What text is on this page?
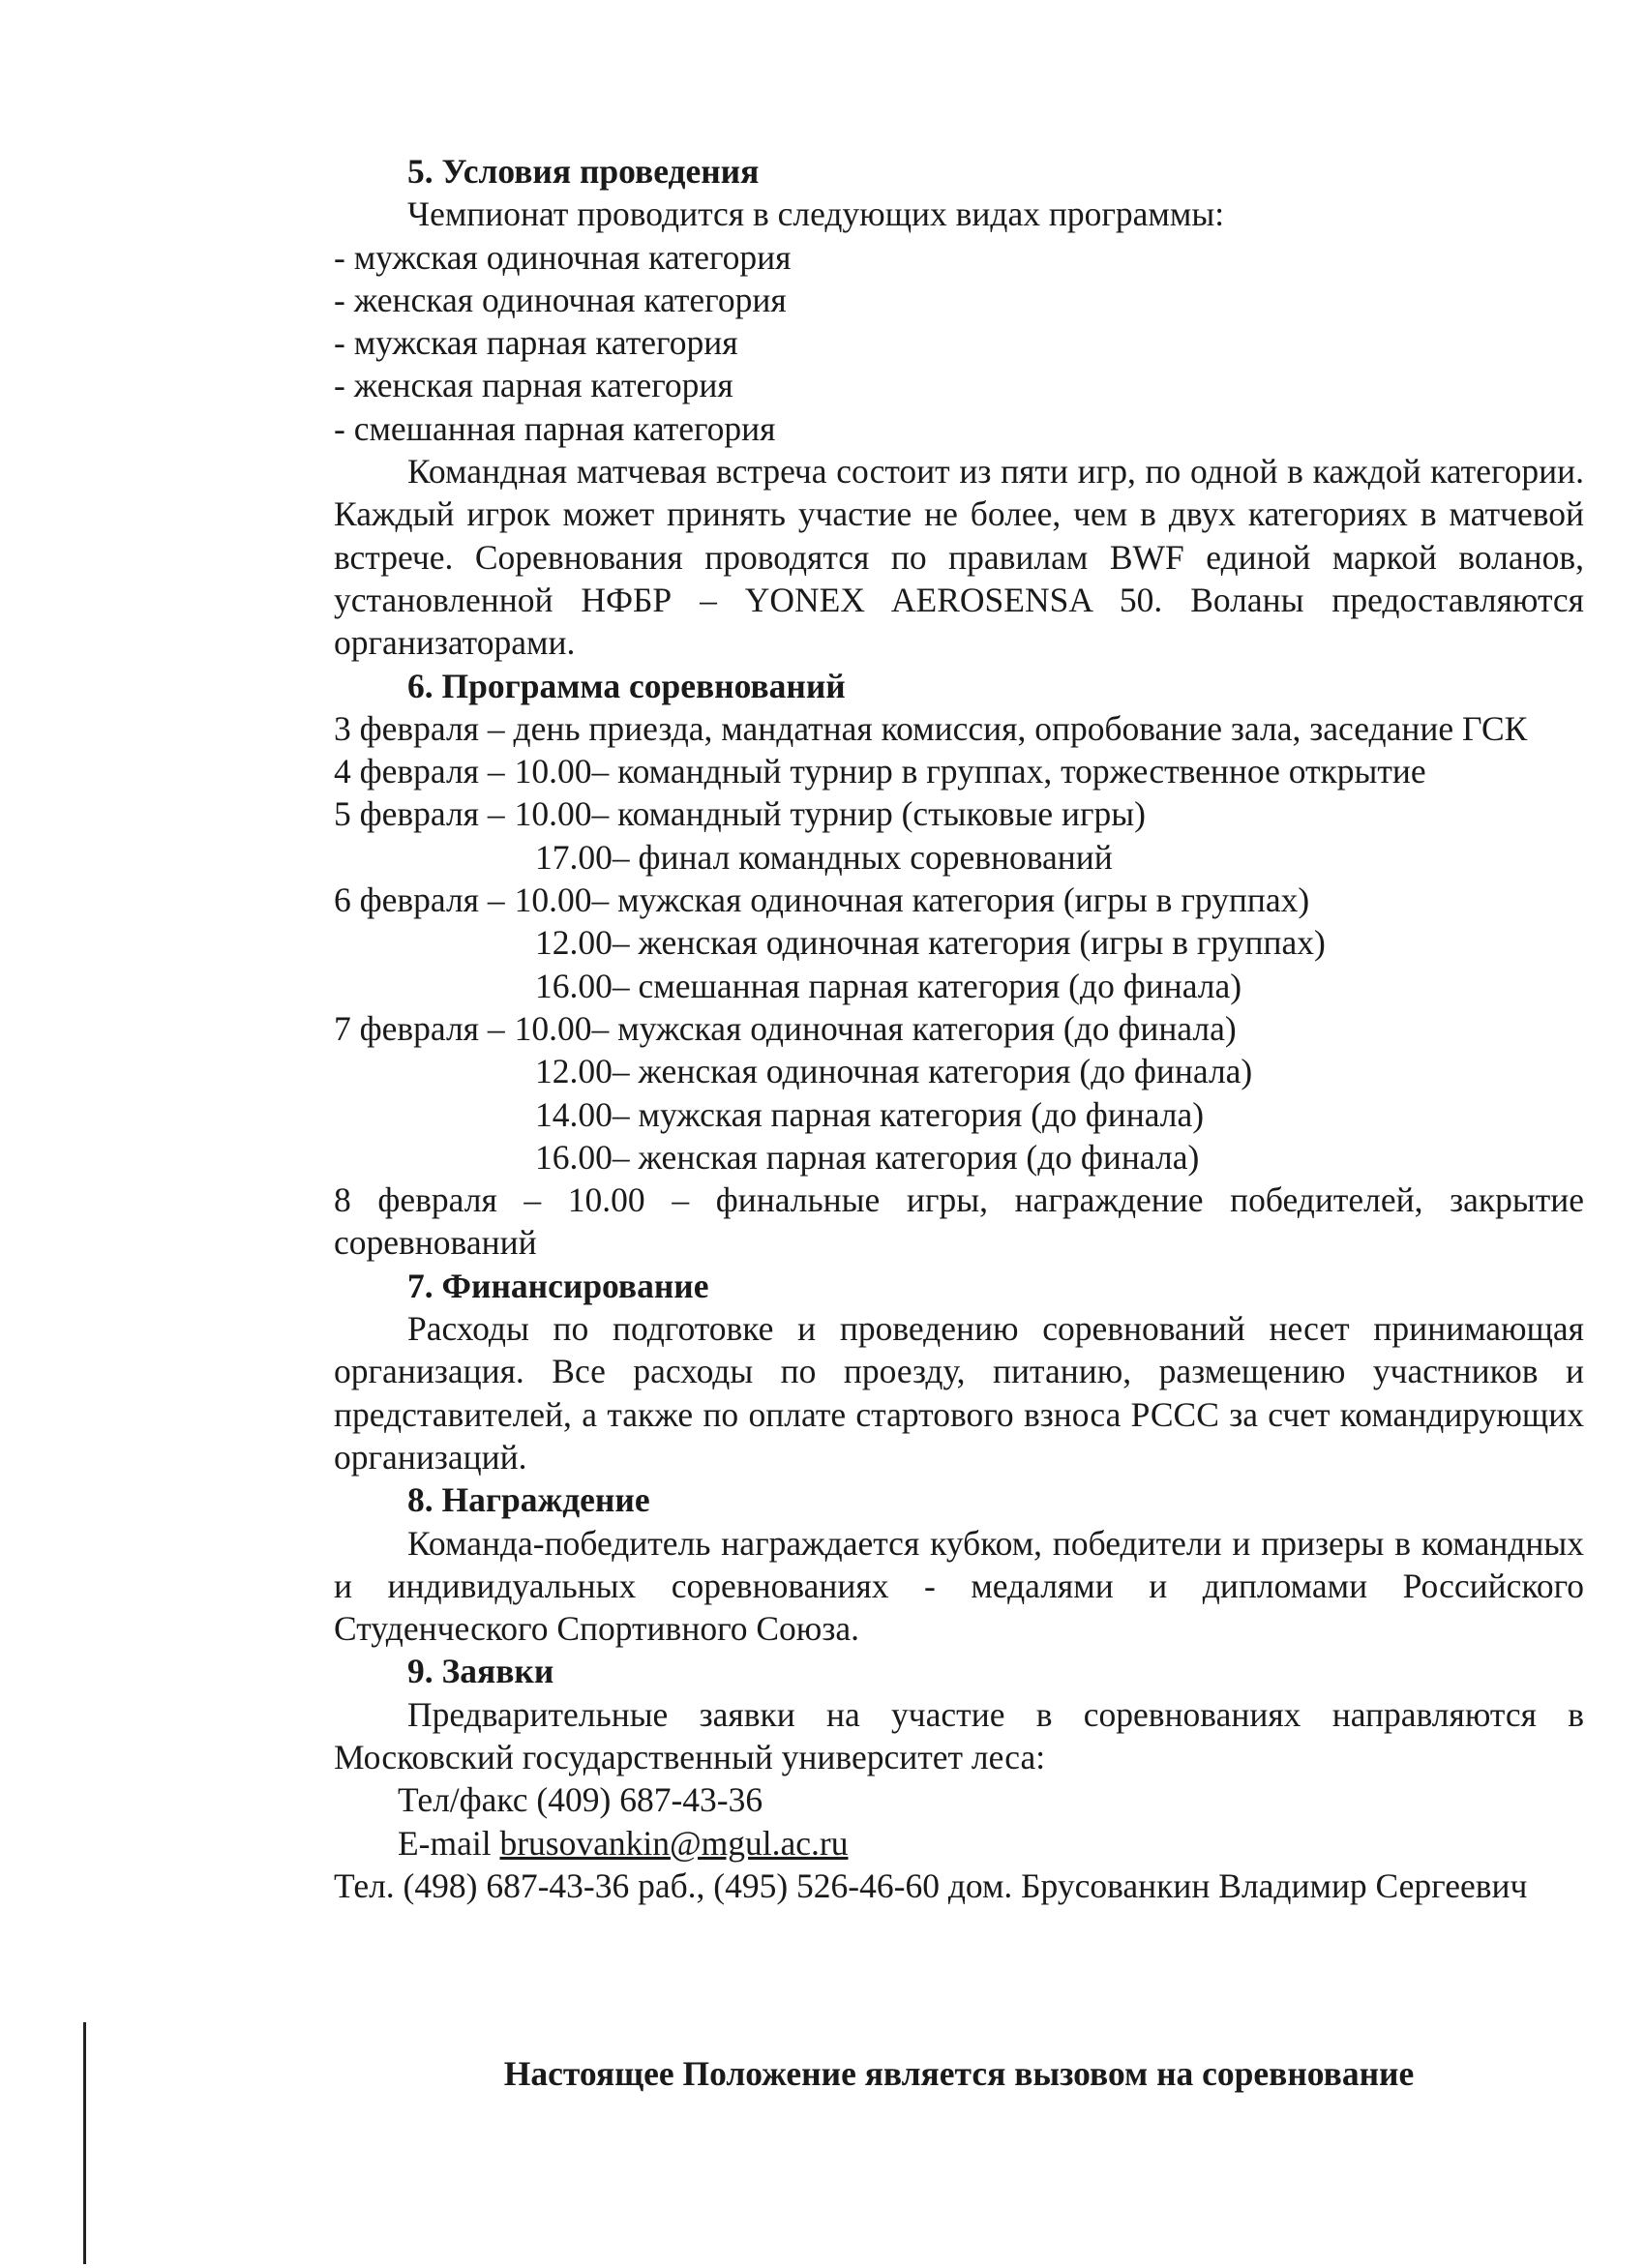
5. Условия проведения
Чемпионат проводится в следующих видах программы:
- мужская одиночная категория
- женская одиночная категория
- мужская парная категория
- женская парная категория
- смешанная парная категория
Командная матчевая встреча состоит из пяти игр, по одной в каждой категории. Каждый игрок может принять участие не более, чем в двух категориях в матчевой встрече. Соревнования проводятся по правилам BWF единой маркой воланов, установленной НФБР – YONEX AEROSENSA 50. Воланы предоставляются организаторами.
6. Программа соревнований
3 февраля – день приезда, мандатная комиссия, опробование зала, заседание ГСК
4 февраля – 10.00 – командный турнир в группах, торжественное открытие
5 февраля – 10.00 – командный турнир (стыковые игры)
17.00 – финал командных соревнований
6 февраля – 10.00 – мужская одиночная категория (игры в группах)
12.00 – женская одиночная категория (игры в группах)
16.00 – смешанная парная категория (до финала)
7 февраля – 10.00 – мужская одиночная категория (до финала)
12.00 – женская одиночная категория (до финала)
14.00 – мужская парная категория (до финала)
16.00 – женская парная категория (до финала)
8 февраля – 10.00 – финальные игры, награждение победителей, закрытие соревнований
7. Финансирование
Расходы по подготовке и проведению соревнований несет принимающая организация. Все расходы по проезду, питанию, размещению участников и представителей, а также по оплате стартового взноса РССС за счет командирующих организаций.
8. Награждение
Команда-победитель награждается кубком, победители и призеры в командных и индивидуальных соревнованиях - медалями и дипломами Российского Студенческого Спортивного Союза.
9. Заявки
Предварительные заявки на участие в соревнованиях направляются в Московский государственный университет леса:
Тел/факс (409) 687-43-36
E-mail brusovankin@mgul.ac.ru
Тел. (498) 687-43-36 раб., (495) 526-46-60 дом. Брусованкин Владимир Сергеевич
Настоящее Положение является вызовом на соревнование
